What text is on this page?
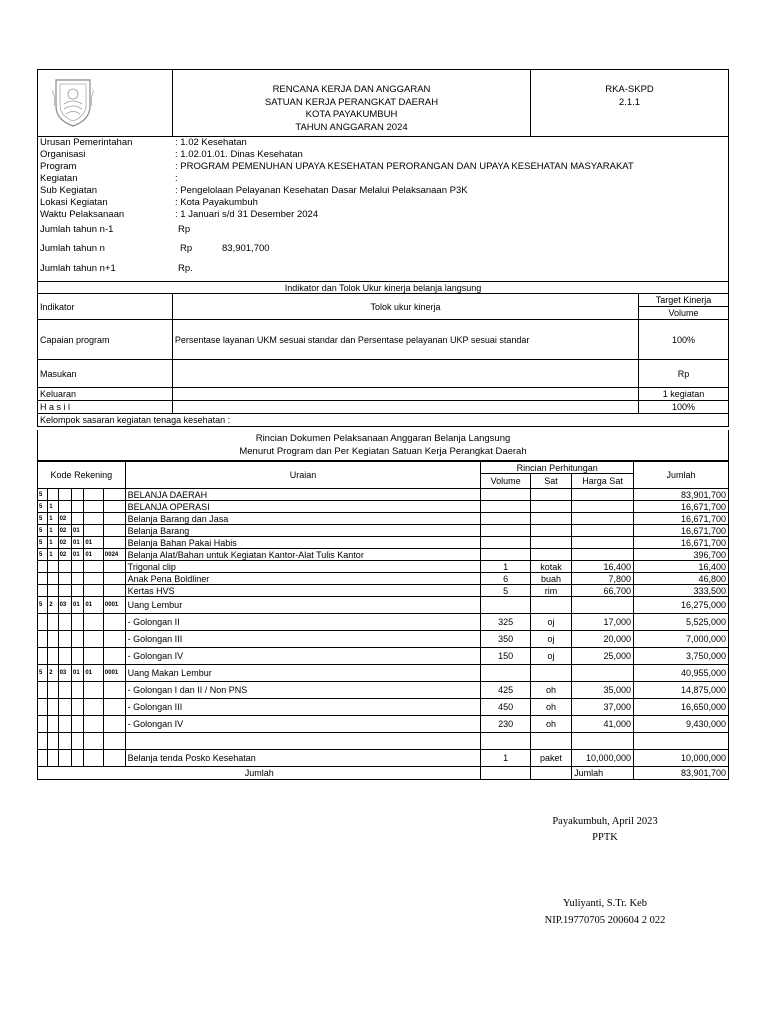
RENCANA KERJA DAN ANGGARAN
SATUAN KERJA PERANGKAT DAERAH
KOTA PAYAKUMBUH
TAHUN ANGGARAN 2024
RKA-SKPD
2.1.1
Urusan Pemerintahan	: 1.02 Kesehatan
Organisasi	: 1.02.01.01. Dinas Kesehatan
Program	: PROGRAM PEMENUHAN UPAYA KESEHATAN PERORANGAN DAN UPAYA KESEHATAN MASYARAKAT
Kegiatan	:
Sub Kegiatan	: Pengelolaan Pelayanan Kesehatan Dasar Melalui Pelaksanaan P3K
Lokasi Kegiatan	: Kota Payakumbuh
Waktu Pelaksanaan	: 1 Januari s/d 31 Desember 2024
Jumlah tahun n-1	Rp
Jumlah tahun n	Rp	83,901,700
Jumlah tahun n+1	Rp.
Indikator dan Tolok Ukur kinerja belanja langsung		
Indikator	Tolok ukur kinerja	Target Kinerja
		Volume
Capaian program	Persentase layanan UKM sesuai standar dan Persentase pelayanan UKP sesuai standar	100%
Masukan		Rp
Keluaran		1 kegiatan
H a s i l		100%
Kelompok sasaran kegiatan tenaga kesehatan :		
Rincian Dokumen Pelaksanaan Anggaran Belanja Langsung
Menurut Program dan Per Kegiatan Satuan Kerja Perangkat Daerah
Kode Rekening						Uraian	Rincian Perhitungan			Jumlah
							Volume	Sat	Harga Sat	
5						BELANJA DAERAH				83,901,700
5	1					BELANJA OPERASI				16,671,700
5	1	02				Belanja Barang dan Jasa				16,671,700
5	1	02	01			Belanja Barang				16,671,700
5	1	02	01	01		Belanja Bahan Pakai Habis				16,671,700
5	1	02	01	01	0024	Belanja Alat/Bahan untuk Kegiatan Kantor-Alat Tulis Kantor				396,700
						Trigonal clip	1	kotak	16,400	16,400
						Anak Pena Boldliner	6	buah	7,800	46,800
						Kertas HVS	5	rim	66,700	333,500
5	2	03	01	01	0001	Uang Lembur				16,275,000
						- Golongan II	325	oj	17,000	5,525,000
						- Golongan III	350	oj	20,000	7,000,000
						- Golongan IV	150	oj	25,000	3,750,000
5	2	03	01	01	0001	Uang Makan Lembur				40,955,000
						- Golongan I dan II / Non PNS	425	oh	35,000	14,875,000
						- Golongan III	450	oh	37,000	16,650,000
						- Golongan IV	230	oh	41,000	9,430,000

						Belanja tenda Posko Kesehatan	1	paket	10,000,000	10,000,000
Jumlah									Jumlah	83,901,700
Payakumbuh, April 2023
PPTK
Yuliyanti, S.Tr. Keb
NIP.19770705 200604 2 022
